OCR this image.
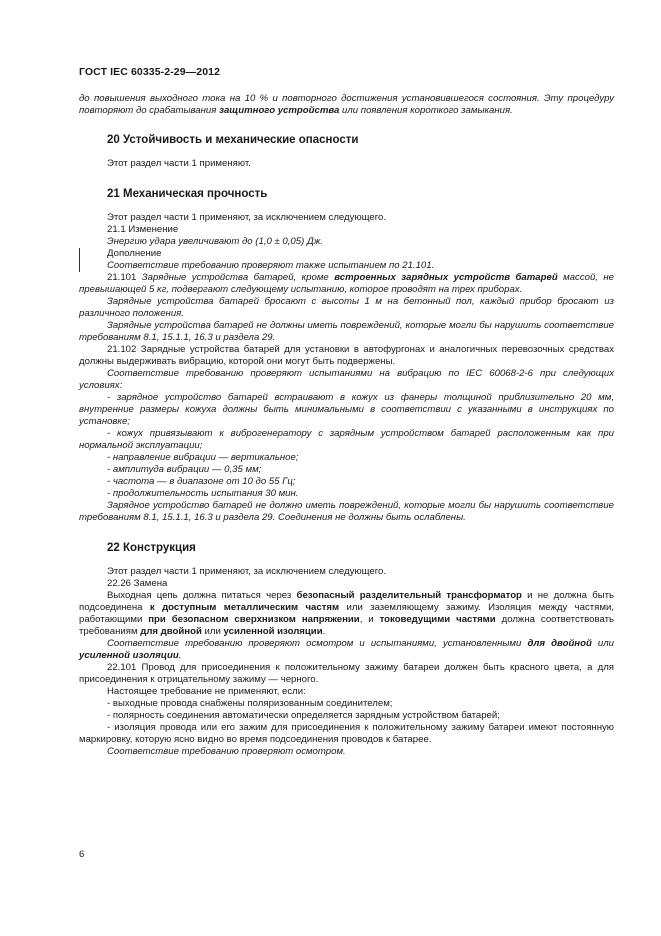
ГОСТ IEC 60335-2-29—2012

до повышения выходного тока на 10 % и повторного достижения установившегося состояния. Эту процедуру повторяют до срабатывания защитного устройства или появления короткого замыкания.

20 Устойчивость и механические опасности

Этот раздел части 1 применяют.

21 Механическая прочность

Этот раздел части 1 применяют, за исключением следующего.

21.1 Изменение

Энергию удара увеличивают до (1,0 ± 0,05) Дж.

Дополнение

Соответствие требованию проверяют также испытанием по 21.101.

21.101 Зарядные устройства батарей, кроме встроенных зарядных устройств батарей массой, не превышающей 5 кг, подвергают следующему испытанию, которое проводят на трех приборах.

Зарядные устройства батарей бросают с высоты 1 м на бетонный пол, каждый прибор бросают из различного положения.

Зарядные устройства батарей не должны иметь повреждений, которые могли бы нарушить соответствие требованиям 8.1, 15.1.1, 16.3 и раздела 29.

21.102 Зарядные устройства батарей для установки в автофургонах и аналогичных перевозочных средствах должны выдерживать вибрацию, которой они могут быть подвержены.

Соответствие требованию проверяют испытаниями на вибрацию по IEC 60068-2-6 при следующих условиях:

- зарядное устройство батарей встраивают в кожух из фанеры толщиной приблизительно 20 мм, внутренние размеры кожуха должны быть минимальными в соответствии с указанными в инструкциях по установке;

- кожух привязывают к виброгенератору с зарядным устройством батарей расположенным как при нормальной эксплуатации;

- направление вибрации — вертикальное;

- амплитуда вибрации — 0,35 мм;

- частота — в диапазоне от 10 до 55 Гц;

- продолжительность испытания 30 мин.

Зарядное устройство батарей не должно иметь повреждений, которые могли бы нарушить соответствие требованиям 8.1, 15.1.1, 16.3 и раздела 29. Соединения не должны быть ослаблены.

22 Конструкция

Этот раздел части 1 применяют, за исключением следующего.

22.26 Замена

Выходная цепь должна питаться через безопасный разделительный трансформатор и не должна быть подсоединена к доступным металлическим частям или заземляющему зажиму. Изоляция между частями, работающими при безопасном сверхнизком напряжении, и токоведущими частями должна соответствовать требованиям для двойной или усиленной изоляции.

Соответствие требованию проверяют осмотром и испытаниями, установленными для двойной или усиленной изоляции.

22.101 Провод для присоединения к положительному зажиму батареи должен быть красного цвета, а для присоединения к отрицательному зажиму — черного.

Настоящее требование не применяют, если:

- выходные провода снабжены поляризованным соединителем;

- полярность соединения автоматически определяется зарядным устройством батарей;

- изоляция провода или его зажим для присоединения к положительному зажиму батареи имеют постоянную маркировку, которую ясно видно во время подсоединения проводов к батарее.

Соответствие требованию проверяют осмотром.

6
